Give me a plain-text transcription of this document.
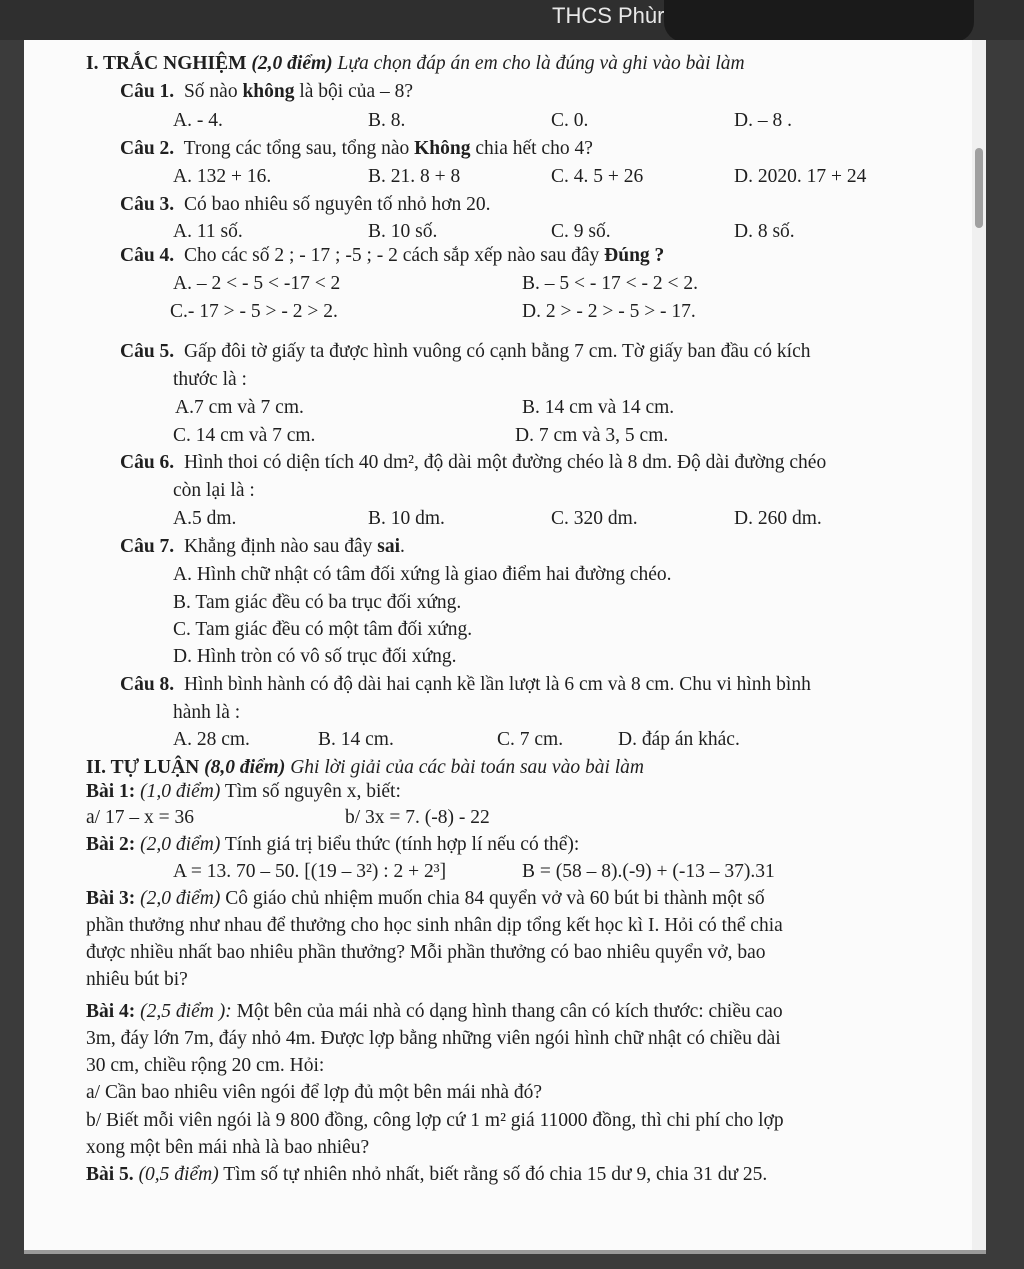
THCS Phùr
I. TRẮC NGHIỆM (2,0 điểm) Lựa chọn đáp án em cho là đúng và ghi vào bài làm
Câu 1. Số nào không là bội của – 8?
A. - 4.	B. 8.	C. 0.	D. – 8 .
Câu 2. Trong các tổng sau, tổng nào Không chia hết cho 4?
A. 132 + 16.	B. 21. 8 + 8	C. 4. 5 + 26	D. 2020. 17 + 24
Câu 3. Có bao nhiêu số nguyên tố nhỏ hơn 20.
A. 11 số.	B. 10 số.	C. 9 số.	D. 8 số.
Câu 4. Cho các số 2 ; - 17 ; -5 ; - 2 cách sắp xếp nào sau đây Đúng ?
A. – 2 < - 5 < -17 < 2	B. – 5 < - 17 < - 2 < 2.
C.- 17 > - 5 > - 2 > 2.	D. 2 > - 2 > - 5 > - 17.
Câu 5. Gấp đôi tờ giấy ta được hình vuông có cạnh bằng 7 cm. Tờ giấy ban đầu có kích
thước là :
A.7 cm và 7 cm.	B. 14 cm và 14 cm.
C. 14 cm và 7 cm.	D. 7 cm và 3, 5 cm.
Câu 6. Hình thoi có diện tích 40 dm², độ dài một đường chéo là 8 dm. Độ dài đường chéo
còn lại là :
A.5 dm.	B. 10 dm.	C. 320 dm.	D. 260 dm.
Câu 7. Khẳng định nào sau đây sai.
A. Hình chữ nhật có tâm đối xứng là giao điểm hai đường chéo.
B. Tam giác đều có ba trục đối xứng.
C. Tam giác đều có một tâm đối xứng.
D. Hình tròn có vô số trục đối xứng.
Câu 8. Hình bình hành có độ dài hai cạnh kề lần lượt là 6 cm và 8 cm. Chu vi hình bình
hành là :
A. 28 cm.	B. 14 cm.	C. 7 cm.	D. đáp án khác.
II. TỰ LUẬN (8,0 điểm) Ghi lời giải của các bài toán sau vào bài làm
Bài 1: (1,0 điểm) Tìm số nguyên x, biết:
a/ 17 – x = 36	b/ 3x = 7. (-8) - 22
Bài 2: (2,0 điểm) Tính giá trị biểu thức (tính hợp lí nếu có thể):
A = 13. 70 – 50. [(19 – 3²) : 2 + 2³]	B = (58 – 8).(-9) + (-13 – 37).31
Bài 3: (2,0 điểm) Cô giáo chủ nhiệm muốn chia 84 quyển vở và 60 bút bi thành một số
phần thưởng như nhau để thưởng cho học sinh nhân dịp tổng kết học kì I. Hỏi có thể chia
được nhiều nhất bao nhiêu phần thưởng? Mỗi phần thưởng có bao nhiêu quyển vở, bao
nhiêu bút bi?
Bài 4: (2,5 điểm ): Một bên của mái nhà có dạng hình thang cân có kích thước: chiều cao
3m, đáy lớn 7m, đáy nhỏ 4m. Được lợp bằng những viên ngói hình chữ nhật có chiều dài
30 cm, chiều rộng 20 cm. Hỏi:
a/ Cần bao nhiêu viên ngói để lợp đủ một bên mái nhà đó?
b/ Biết mỗi viên ngói là 9 800 đồng, công lợp cứ 1 m² giá 11000 đồng, thì chi phí cho lợp
xong một bên mái nhà là bao nhiêu?
Bài 5. (0,5 điểm) Tìm số tự nhiên nhỏ nhất, biết rằng số đó chia 15 dư 9, chia 31 dư 25.
